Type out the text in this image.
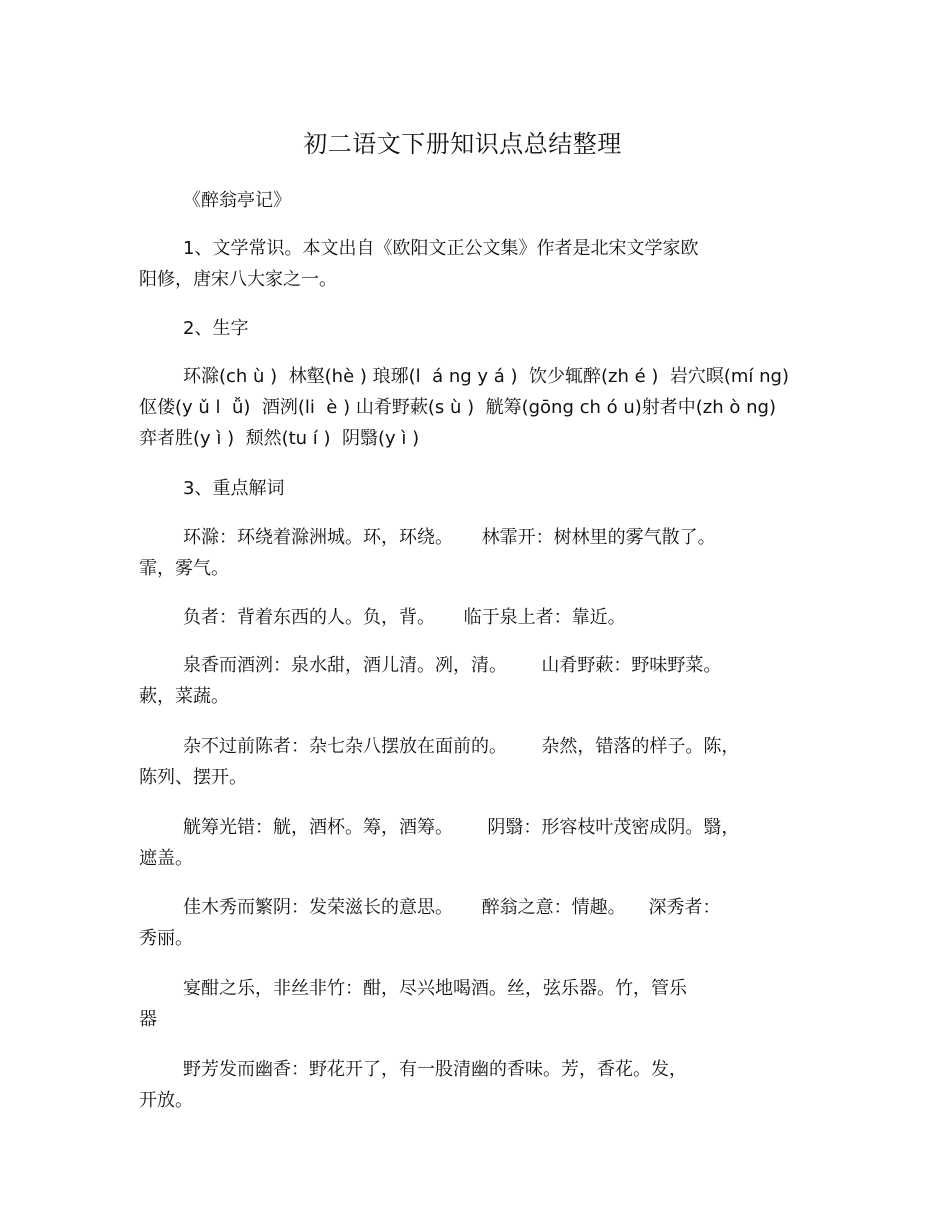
初二语文下册知识点总结整理

《醉翁亭记》

1、文学常识。本文出自《欧阳文正公文集》作者是北宋文学家欧
阳修，唐宋八大家之一。

2、生字

环滁(ch ù )  林壑(hè ) 琅琊(l  á ng y á )  饮少辄醉(zh é )  岩穴暝(mí ng)
伛偻(y ǔ l  ǚ)  酒洌(li  è ) 山肴野蔌(s ù )  觥筹(gōng ch ó u)射者中(zh ò ng)
弈者胜(y ì )  颓然(tu í )  阴翳(y ì )

3、重点解词

环滁：环绕着滁洲城。环，环绕。     林霏开：树林里的雾气散了。
霏，雾气。

负者：背着东西的人。负，背。     临于泉上者：靠近。

泉香而酒洌：泉水甜，酒儿清。冽，清。      山肴野蔌：野味野菜。
蔌，菜蔬。

杂不过前陈者：杂七杂八摆放在面前的。      杂然，错落的样子。陈，
陈列、摆开。

觥筹光错：觥，酒杯。筹，酒筹。      阴翳：形容枝叶茂密成阴。翳，
遮盖。

佳木秀而繁阴：发荣滋长的意思。     醉翁之意：情趣。    深秀者：
秀丽。

宴酣之乐，非丝非竹：酣，尽兴地喝酒。丝，弦乐器。竹，管乐
器

野芳发而幽香：野花开了，有一股清幽的香味。芳，香花。发，
开放。
